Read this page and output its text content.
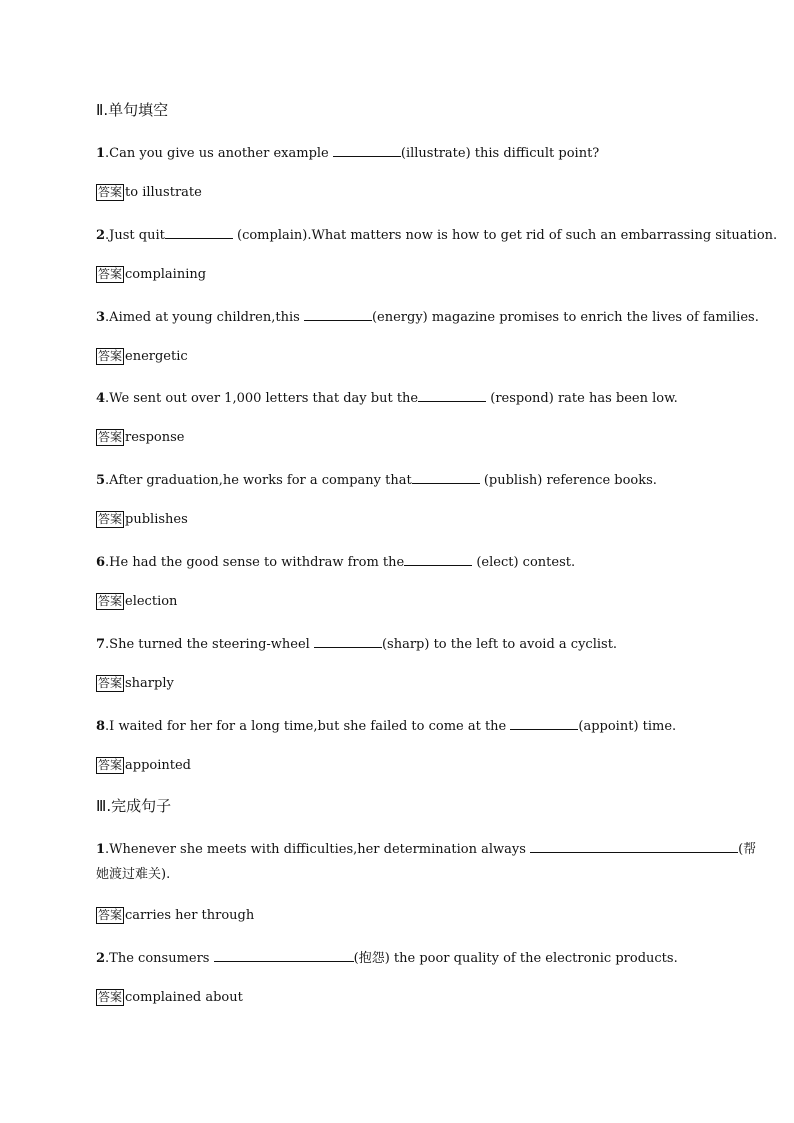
Ⅱ.单句填空
1.Can you give us another example	(illustrate) this difficult point?
答案 to illustrate
2.Just quit	(complain).What matters now is how to get rid of such an embarrassing situation.
答案 complaining
3.Aimed at young children,this	(energy) magazine promises to enrich the lives of families.
答案 energetic
4.We sent out over 1,000 letters that day but the	(respond) rate has been low.
答案 response
5.After graduation,he works for a company that	(publish) reference books.
答案 publishes
6.He had the good sense to withdraw from the	(elect) contest.
答案 election
7.She turned the steering-wheel	(sharp) to the left to avoid a cyclist.
答案 sharply
8.I waited for her for a long time,but she failed to come at the	(appoint) time.
答案 appointed
Ⅲ.完成句子
1.Whenever she meets with difficulties,her determination always	(帮
她渡过难关).
答案 carries her through
2.The consumers	(抱怨) the poor quality of the electronic products.
答案 complained about
